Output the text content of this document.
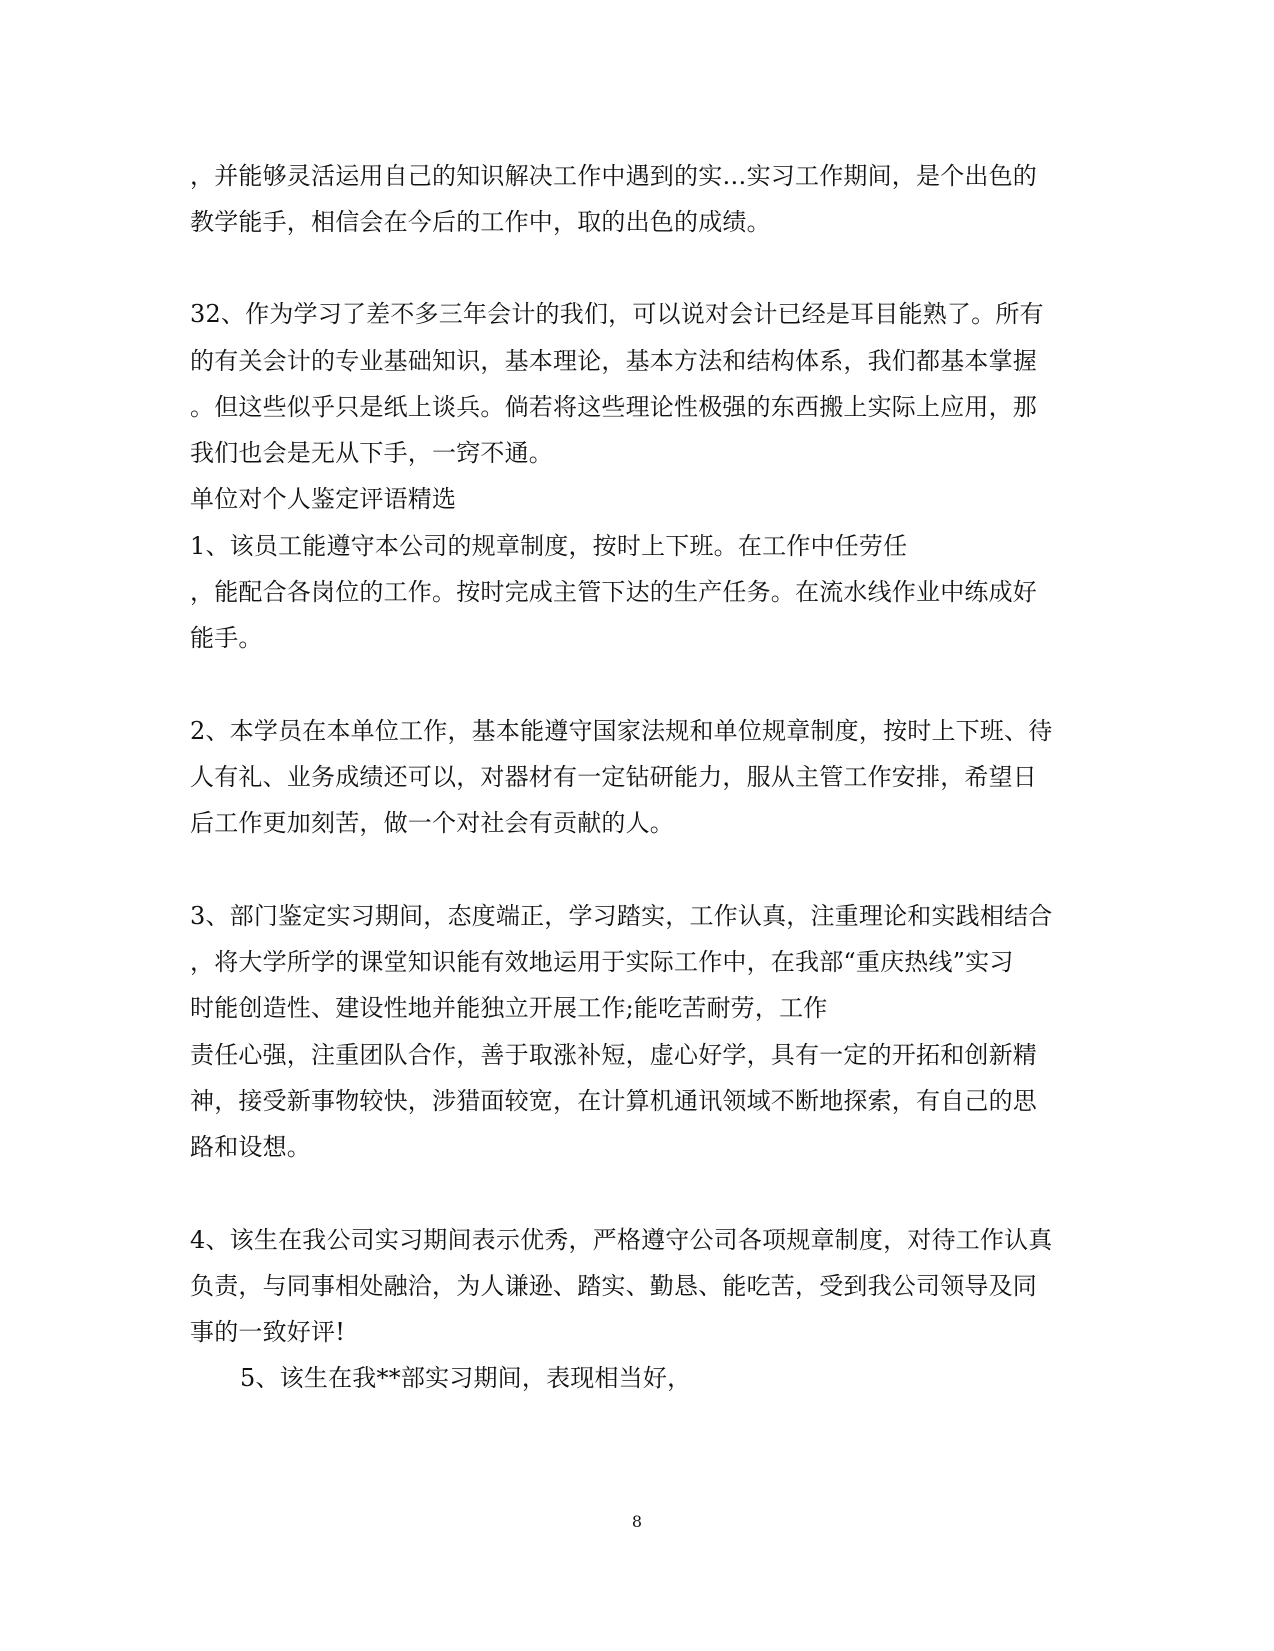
，并能够灵活运用自己的知识解决工作中遇到的实…实习工作期间，是个出色的
教学能手，相信会在今后的工作中，取的出色的成绩。
32、作为学习了差不多三年会计的我们，可以说对会计已经是耳目能熟了。所有
的有关会计的专业基础知识，基本理论，基本方法和结构体系，我们都基本掌握
。但这些似乎只是纸上谈兵。倘若将这些理论性极强的东西搬上实际上应用，那
我们也会是无从下手，一窍不通。
单位对个人鉴定评语精选
1、该员工能遵守本公司的规章制度，按时上下班。在工作中任劳任
，能配合各岗位的工作。按时完成主管下达的生产任务。在流水线作业中练成好
能手。
2、本学员在本单位工作，基本能遵守国家法规和单位规章制度，按时上下班、待
人有礼、业务成绩还可以，对器材有一定钻研能力，服从主管工作安排，希望日
后工作更加刻苦，做一个对社会有贡献的人。
3、部门鉴定实习期间，态度端正，学习踏实，工作认真，注重理论和实践相结合
，将大学所学的课堂知识能有效地运用于实际工作中，在我部“重庆热线”实习
时能创造性、建设性地并能独立开展工作;能吃苦耐劳，工作
责任心强，注重团队合作，善于取涨补短，虚心好学，具有一定的开拓和创新精
神，接受新事物较快，涉猎面较宽，在计算机通讯领域不断地探索，有自己的思
路和设想。
4、该生在我公司实习期间表示优秀，严格遵守公司各项规章制度，对待工作认真
负责，与同事相处融洽，为人谦逊、踏实、勤恳、能吃苦，受到我公司领导及同
事的一致好评!
5、该生在我**部实习期间，表现相当好，
8
